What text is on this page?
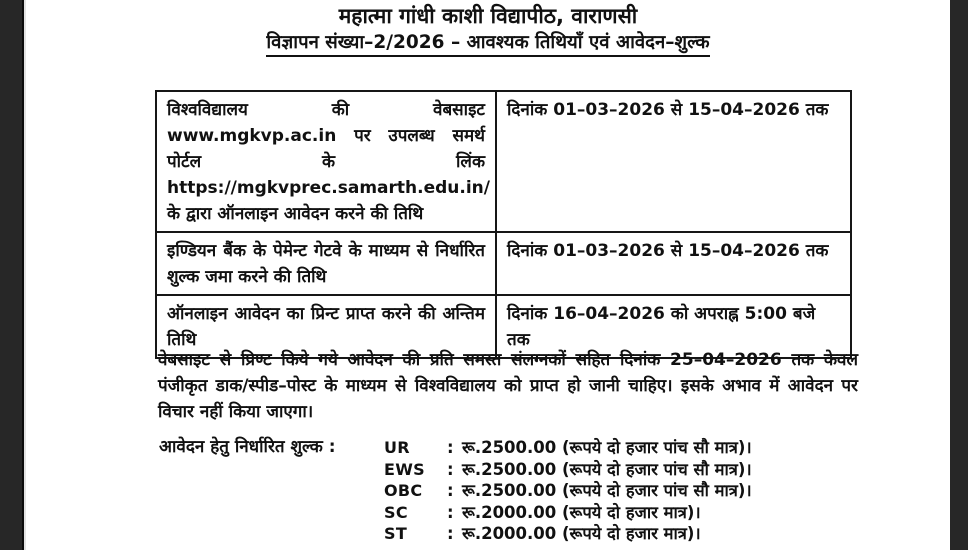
महात्मा गांधी काशी विद्यापीठ, वाराणसी
विज्ञापन संख्या–2/2026 – आवश्यक तिथियाँ एवं आवेदन–शुल्क
विश्वविद्यालय की वेबसाइट www.mgkvp.ac.in पर उपलब्ध समर्थ पोर्टल के लिंक https://mgkvprec.samarth.edu.in/ के द्वारा ऑनलाइन आवेदन करने की तिथि	दिनांक 01–03–2026 से 15–04–2026 तक
इण्डियन बैंक के पेमेन्ट गेटवे के माध्यम से निर्धारित शुल्क जमा करने की तिथि	दिनांक 01–03–2026 से 15–04–2026 तक
ऑनलाइन आवेदन का प्रिन्ट प्राप्त करने की अन्तिम तिथि	दिनांक 16–04–2026 को अपराह्न 5:00 बजे तक
वेबसाइट से प्रिण्ट किये गये आवेदन की प्रति समस्त संलग्नकों सहित दिनांक 25–04–2026 तक केवल पंजीकृत डाक/स्पीड–पोस्ट के माध्यम से विश्वविद्यालय को प्राप्त हो जानी चाहिए। इसके अभाव में आवेदन पर विचार नहीं किया जाएगा।
आवेदन हेतु निर्धारित शुल्क :	UR	: रू.2500.00 (रूपये दो हजार पांच सौ मात्र)।
EWS	: रू.2500.00 (रूपये दो हजार पांच सौ मात्र)।
OBC	: रू.2500.00 (रूपये दो हजार पांच सौ मात्र)।
SC	: रू.2000.00 (रूपये दो हजार मात्र)।
ST	: रू.2000.00 (रूपये दो हजार मात्र)।
